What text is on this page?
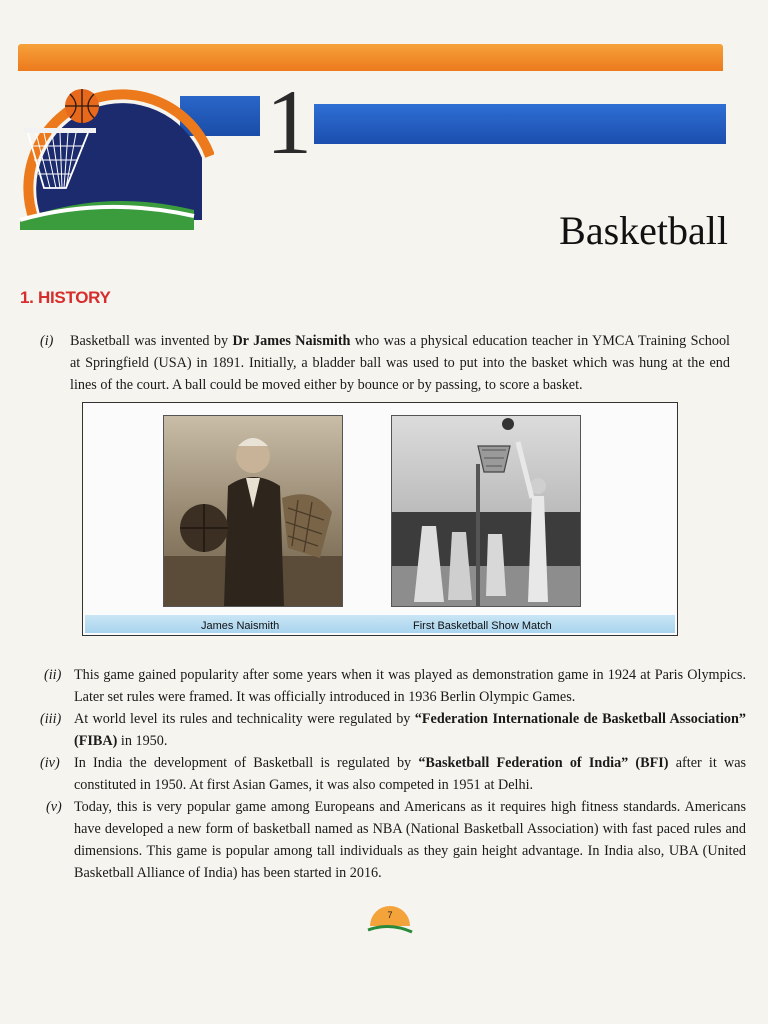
1
Basketball
1. HISTORY
(i) Basketball was invented by Dr James Naismith who was a physical education teacher in YMCA Training School at Springfield (USA) in 1891. Initially, a bladder ball was used to put into the basket which was hung at the end lines of the court. A ball could be moved either by bounce or by passing, to score a basket.
James Naismith	First Basketball Show Match
(ii) This game gained popularity after some years when it was played as demonstration game in 1924 at Paris Olympics. Later set rules were framed. It was officially introduced in 1936 Berlin Olympic Games.
(iii) At world level its rules and technicality were regulated by “Federation Internationale de Basketball Association” (FIBA) in 1950.
(iv) In India the development of Basketball is regulated by “Basketball Federation of India” (BFI) after it was constituted in 1950. At first Asian Games, it was also competed in 1951 at Delhi.
(v) Today, this is very popular game among Europeans and Americans as it requires high fitness standards. Americans have developed a new form of basketball named as NBA (National Basketball Association) with fast paced rules and dimensions. This game is popular among tall individuals as they gain height advantage. In India also, UBA (United Basketball Alliance of India) has been started in 2016.
7
